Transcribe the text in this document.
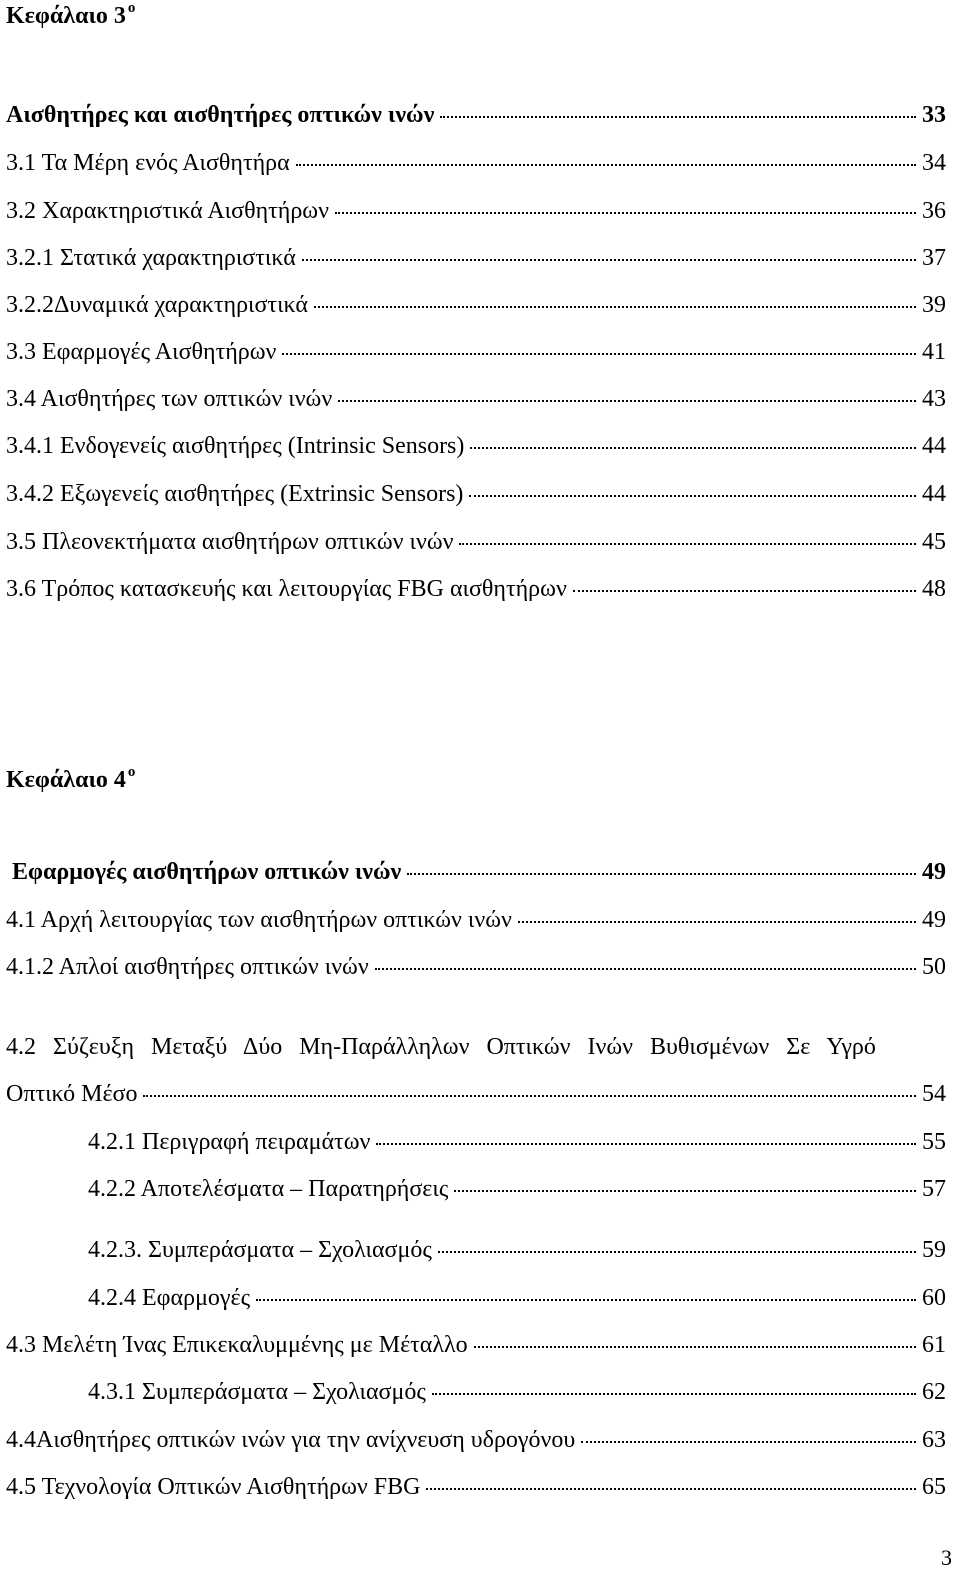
Κεφάλαιο 3 $^o$
Αισθητήρες και αισθητήρες οπτικών ινών	33
3.1 Τα Μέρη ενός Αισθητήρα	34
3.2 Χαρακτηριστικά Αισθητήρων	36
3.2.1 Στατικά χαρακτηριστικά	37
3.2.2Δυναμικά χαρακτηριστικά	39
3.3 Εφαρμογές Αισθητήρων	41
3.4 Αισθητήρες των οπτικών ινών	43
3.4.1 Ενδογενείς αισθητήρες (Intrinsic Sensors)	44
3.4.2 Εξωγενείς αισθητήρες (Extrinsic Sensors)	44
3.5 Πλεονεκτήματα αισθητήρων οπτικών ινών	45
3.6 Τρόπος κατασκευής και λειτουργίας FBG αισθητήρων	48
Κεφάλαιο 4 $^o$
Εφαρμογές αισθητήρων οπτικών ινών	49
4.1 Αρχή λειτουργίας των αισθητήρων οπτικών ινών	49
4.1.2 Απλοί αισθητήρες οπτικών ινών	50
4.2 Σύζευξη Μεταξύ Δύο Μη-Παράλληλων Οπτικών Ινών Βυθισμένων Σε Υγρό
Οπτικό Μέσο	54
4.2.1 Περιγραφή πειραμάτων	55
4.2.2 Αποτελέσματα – Παρατηρήσεις	57
4.2.3. Συμπεράσματα – Σχολιασμός	59
4.2.4 Εφαρμογές	60
4.3 Μελέτη Ίνας Επικεκαλυμμένης με Μέταλλο	61
4.3.1 Συμπεράσματα – Σχολιασμός	62
4.4Αισθητήρες οπτικών ινών για την ανίχνευση υδρογόνου	63
4.5 Τεχνολογία Οπτικών Αισθητήρων FBG	65
3
